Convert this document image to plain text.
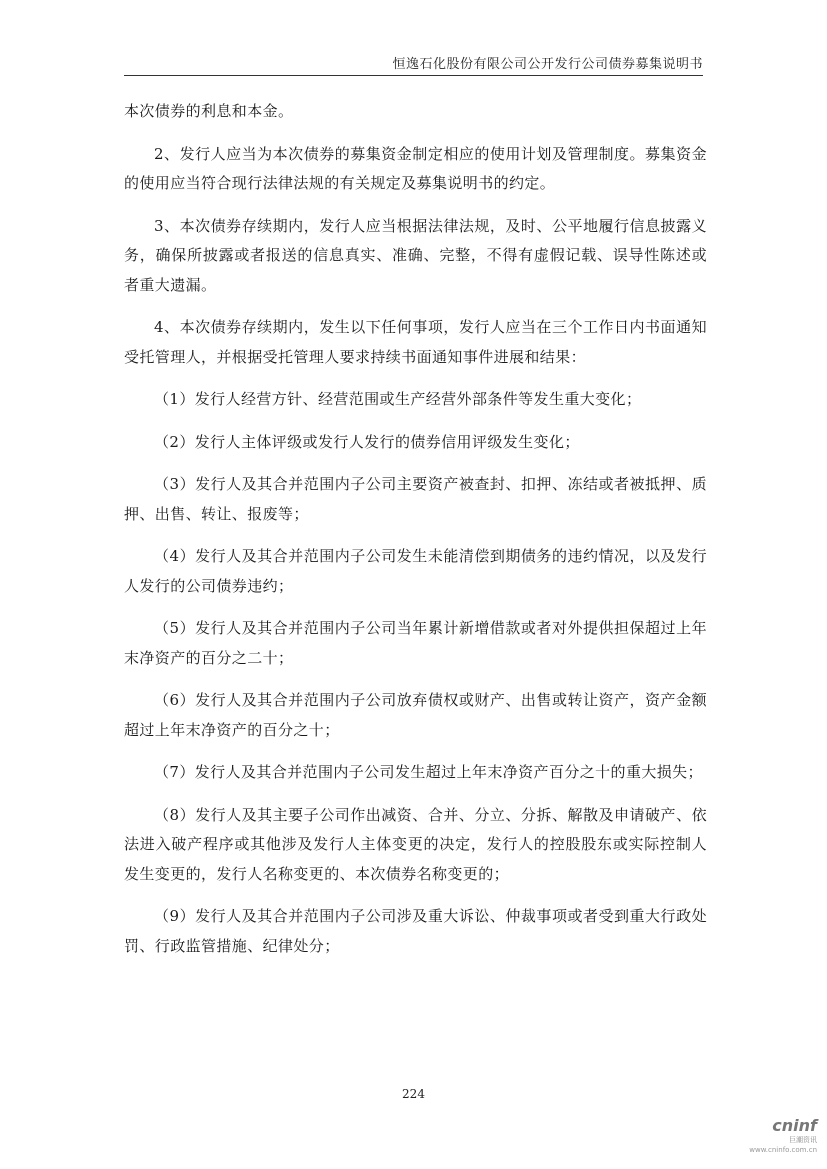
恒逸石化股份有限公司公开发行公司债券募集说明书

本次债券的利息和本金。

2、发行人应当为本次债券的募集资金制定相应的使用计划及管理制度。募集资金的使用应当符合现行法律法规的有关规定及募集说明书的约定。

3、本次债券存续期内，发行人应当根据法律法规，及时、公平地履行信息披露义务，确保所披露或者报送的信息真实、准确、完整，不得有虚假记载、误导性陈述或者重大遗漏。

4、本次债券存续期内，发生以下任何事项，发行人应当在三个工作日内书面通知受托管理人，并根据受托管理人要求持续书面通知事件进展和结果：

（1）发行人经营方针、经营范围或生产经营外部条件等发生重大变化；

（2）发行人主体评级或发行人发行的债券信用评级发生变化；

（3）发行人及其合并范围内子公司主要资产被查封、扣押、冻结或者被抵押、质押、出售、转让、报废等；

（4）发行人及其合并范围内子公司发生未能清偿到期债务的违约情况，以及发行人发行的公司债券违约；

（5）发行人及其合并范围内子公司当年累计新增借款或者对外提供担保超过上年末净资产的百分之二十；

（6）发行人及其合并范围内子公司放弃债权或财产、出售或转让资产，资产金额超过上年末净资产的百分之十；

（7）发行人及其合并范围内子公司发生超过上年末净资产百分之十的重大损失；

（8）发行人及其主要子公司作出减资、合并、分立、分拆、解散及申请破产、依法进入破产程序或其他涉及发行人主体变更的决定，发行人的控股股东或实际控制人发生变更的，发行人名称变更的、本次债券名称变更的；

（9）发行人及其合并范围内子公司涉及重大诉讼、仲裁事项或者受到重大行政处罚、行政监管措施、纪律处分；

224
cninf
巨潮资讯
www.cninfo.com.cn
